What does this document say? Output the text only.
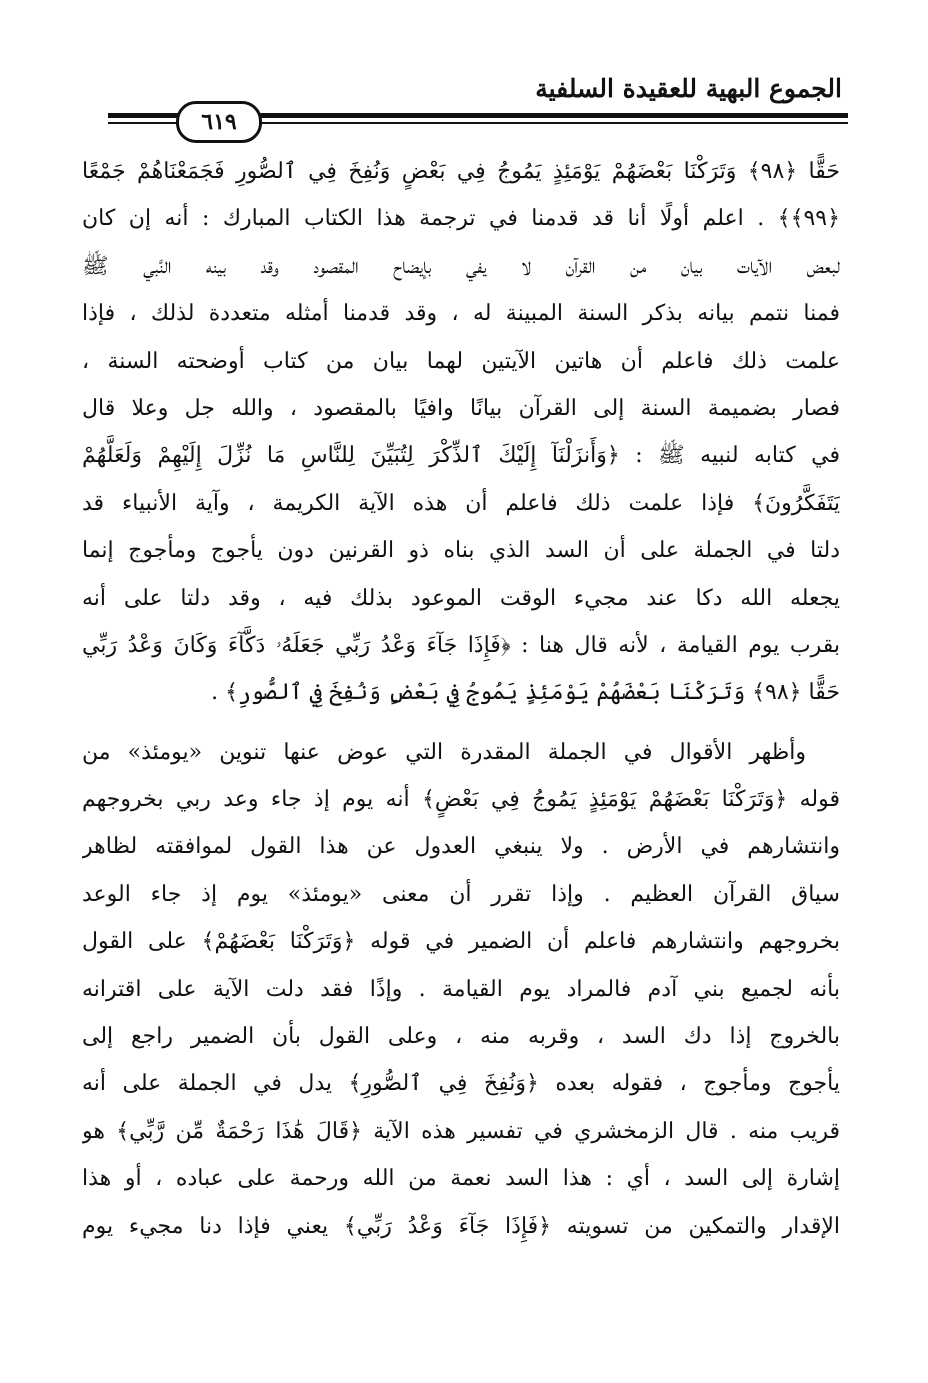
الجموع البهية للعقيدة السلفية
٦١٩
حَقًّا ﴿٩٨﴾ وَتَرَكْنَا بَعْضَهُمْ يَوْمَئِذٍ يَمُوجُ فِي بَعْضٍ وَنُفِخَ فِي ٱلصُّورِ فَجَمَعْنَاهُمْ جَمْعًا
﴿٩٩﴾﴾ . اعلم أولًا أنا قد قدمنا في ترجمة هذا الكتاب المبارك : أنه إن كان
لبعض الآيات بيان من القرآن لا يفي بإيضاح المقصود وقد بينه النَّبي ﷺ
فمنا نتمم بيانه بذكر السنة المبينة له ، وقد قدمنا أمثله متعددة لذلك ، فإذا
علمت ذلك فاعلم أن هاتين الآيتين لهما بيان من كتاب أوضحته السنة ،
فصار بضميمة السنة إلى القرآن بيانًا وافيًا بالمقصود ، والله جل وعلا قال
في كتابه لنبيه ﷺ : ﴿وَأَنزَلْنَآ إِلَيْكَ ٱلذِّكْرَ لِتُبَيِّنَ لِلنَّاسِ مَا نُزِّلَ إِلَيْهِمْ وَلَعَلَّهُمْ
يَتَفَكَّرُونَ﴾ فإذا علمت ذلك فاعلم أن هذه الآية الكريمة ، وآية الأنبياء قد
دلتا في الجملة على أن السد الذي بناه ذو القرنين دون يأجوج ومأجوج إنما
يجعله الله دكا عند مجيء الوقت الموعود بذلك فيه ، وقد دلتا على أنه
بقرب يوم القيامة ، لأنه قال هنا : ﴿فَإِذَا جَآءَ وَعْدُ رَبِّي جَعَلَهُۥ دَكَّآءَ وَكَانَ وَعْدُ رَبِّي
حَقًّا ﴿٩٨﴾ وَتَرَكْنَا بَعْضَهُمْ يَوْمَئِذٍ يَمُوجُ فِي بَعْضٍ وَنُفِخَ فِي ٱلصُّورِ﴾ .
وأظهر الأقوال في الجملة المقدرة التي عوض عنها تنوين «يومئذ» من
قوله ﴿وَتَرَكْنَا بَعْضَهُمْ يَوْمَئِذٍ يَمُوجُ فِي بَعْضٍ﴾ أنه يوم إذ جاء وعد ربي بخروجهم
وانتشارهم في الأرض . ولا ينبغي العدول عن هذا القول لموافقته لظاهر
سياق القرآن العظيم . وإذا تقرر أن معنى «يومئذ» يوم إذ جاء الوعد
بخروجهم وانتشارهم فاعلم أن الضمير في قوله ﴿وَتَرَكْنَا بَعْضَهُمْ﴾ على القول
بأنه لجميع بني آدم فالمراد يوم القيامة . وإذًا فقد دلت الآية على اقترانه
بالخروج إذا دك السد ، وقربه منه ، وعلى القول بأن الضمير راجع إلى
يأجوج ومأجوج ، فقوله بعده ﴿وَنُفِخَ فِي ٱلصُّورِ﴾ يدل في الجملة على أنه
قريب منه . قال الزمخشري في تفسير هذه الآية ﴿قَالَ هَٰذَا رَحْمَةٌ مِّن رَّبِّي﴾ هو
إشارة إلى السد ، أي : هذا السد نعمة من الله ورحمة على عباده ، أو هذا
الإقدار والتمكين من تسويته ﴿فَإِذَا جَآءَ وَعْدُ رَبِّي﴾ يعني فإذا دنا مجيء يوم
